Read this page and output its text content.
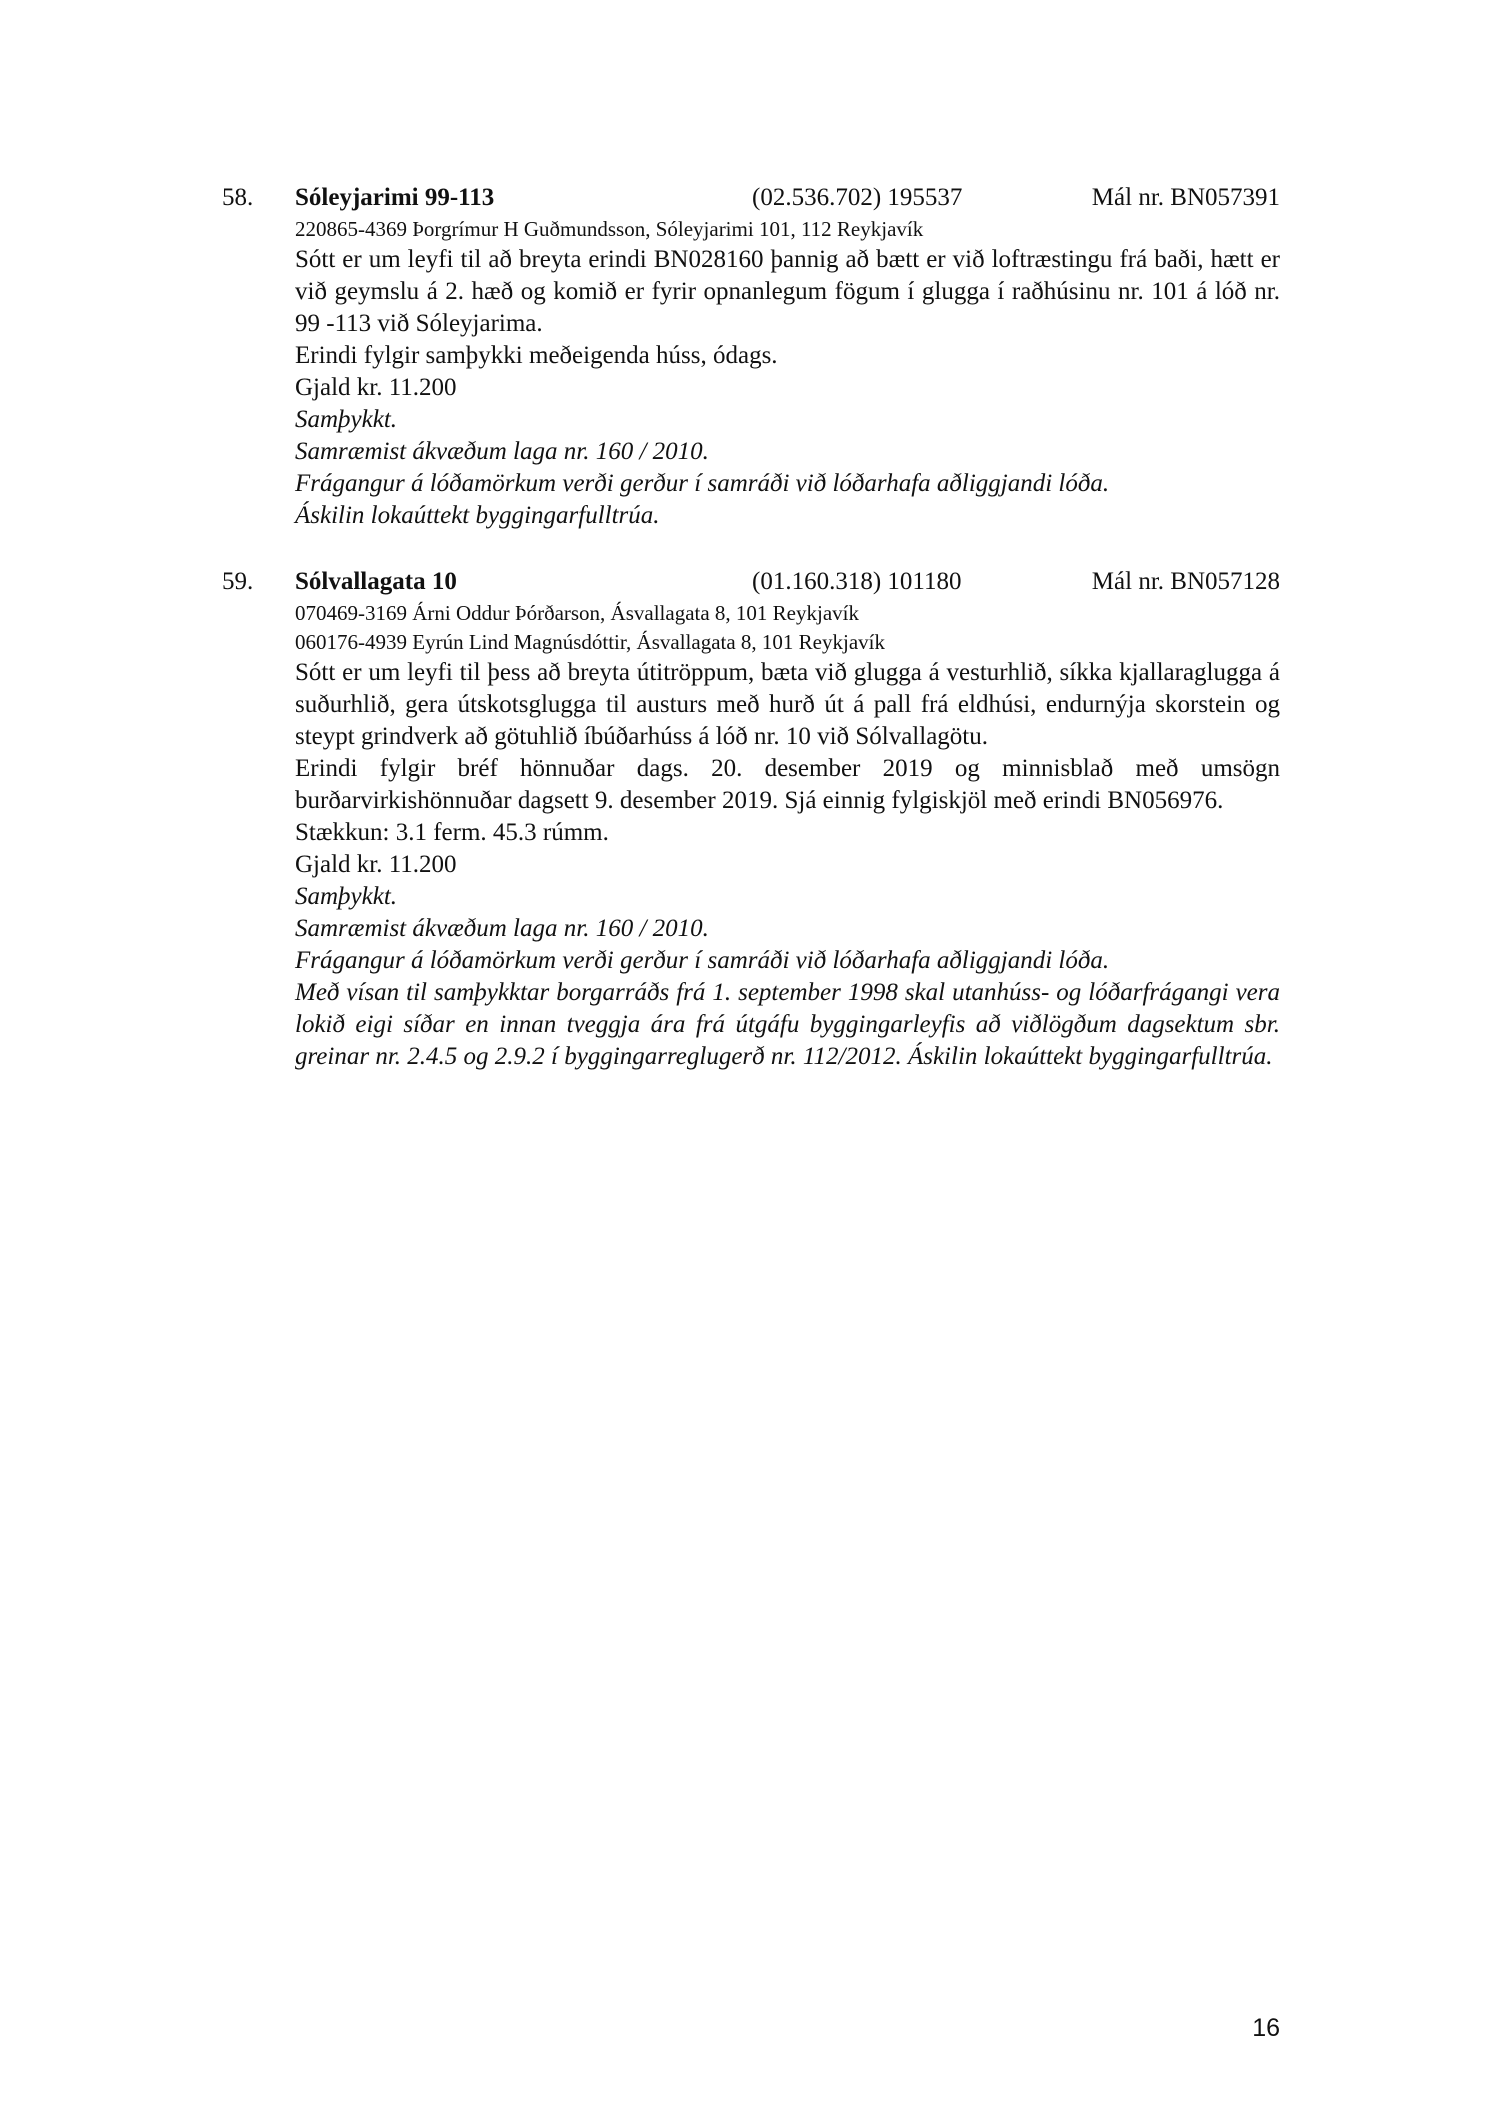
58. Sóleyjarimi 99-113	(02.536.702) 195537	Mál nr. BN057391
220865-4369 Þorgrímur H Guðmundsson, Sóleyjarimi 101, 112 Reykjavík
Sótt er um leyfi til að breyta erindi BN028160 þannig að bætt er við loftræstingu frá baði, hætt er við geymslu á 2. hæð og komið er fyrir opnanlegum fögum í glugga í raðhúsinu nr. 101 á lóð nr. 99 -113 við Sóleyjarima.
Erindi fylgir samþykki meðeigenda húss, ódags.
Gjald kr. 11.200
Samþykkt.
Samræmist ákvæðum laga nr. 160 / 2010.
Frágangur á lóðamörkum verði gerður í samráði við lóðarhafa aðliggjandi lóða.
Áskilin lokaúttekt byggingarfulltrúa.
59. Sólvallagata 10	(01.160.318) 101180	Mál nr. BN057128
070469-3169 Árni Oddur Þórðarson, Ásvallagata 8, 101 Reykjavík
060176-4939 Eyrún Lind Magnúsdóttir, Ásvallagata 8, 101 Reykjavík
Sótt er um leyfi til þess að breyta útitröppum, bæta við glugga á vesturhlið, síkka kjallaraglugga á suðurhlið, gera útskotsglugga til austurs með hurð út á pall frá eldhúsi, endurnýja skorstein og steypt grindverk að götuhlið íbúðarhúss á lóð nr. 10 við Sólvallagötu.
Erindi fylgir bréf hönnuðar dags. 20. desember 2019 og minnisblað með umsögn burðarvirkishönnuðar dagsett 9. desember 2019. Sjá einnig fylgiskjöl með erindi BN056976.
Stækkun: 3.1 ferm. 45.3 rúmm.
Gjald kr. 11.200
Samþykkt.
Samræmist ákvæðum laga nr. 160 / 2010.
Frágangur á lóðamörkum verði gerður í samráði við lóðarhafa aðliggjandi lóða.
Með vísan til samþykktar borgarráðs frá 1. september 1998 skal utanhúss- og lóðarfrágangi vera lokið eigi síðar en innan tveggja ára frá útgáfu byggingarleyfis að viðlögðum dagsektum sbr. greinar nr. 2.4.5 og 2.9.2 í byggingarreglugerð nr. 112/2012. Áskilin lokaúttekt byggingarfulltrúa.
16
